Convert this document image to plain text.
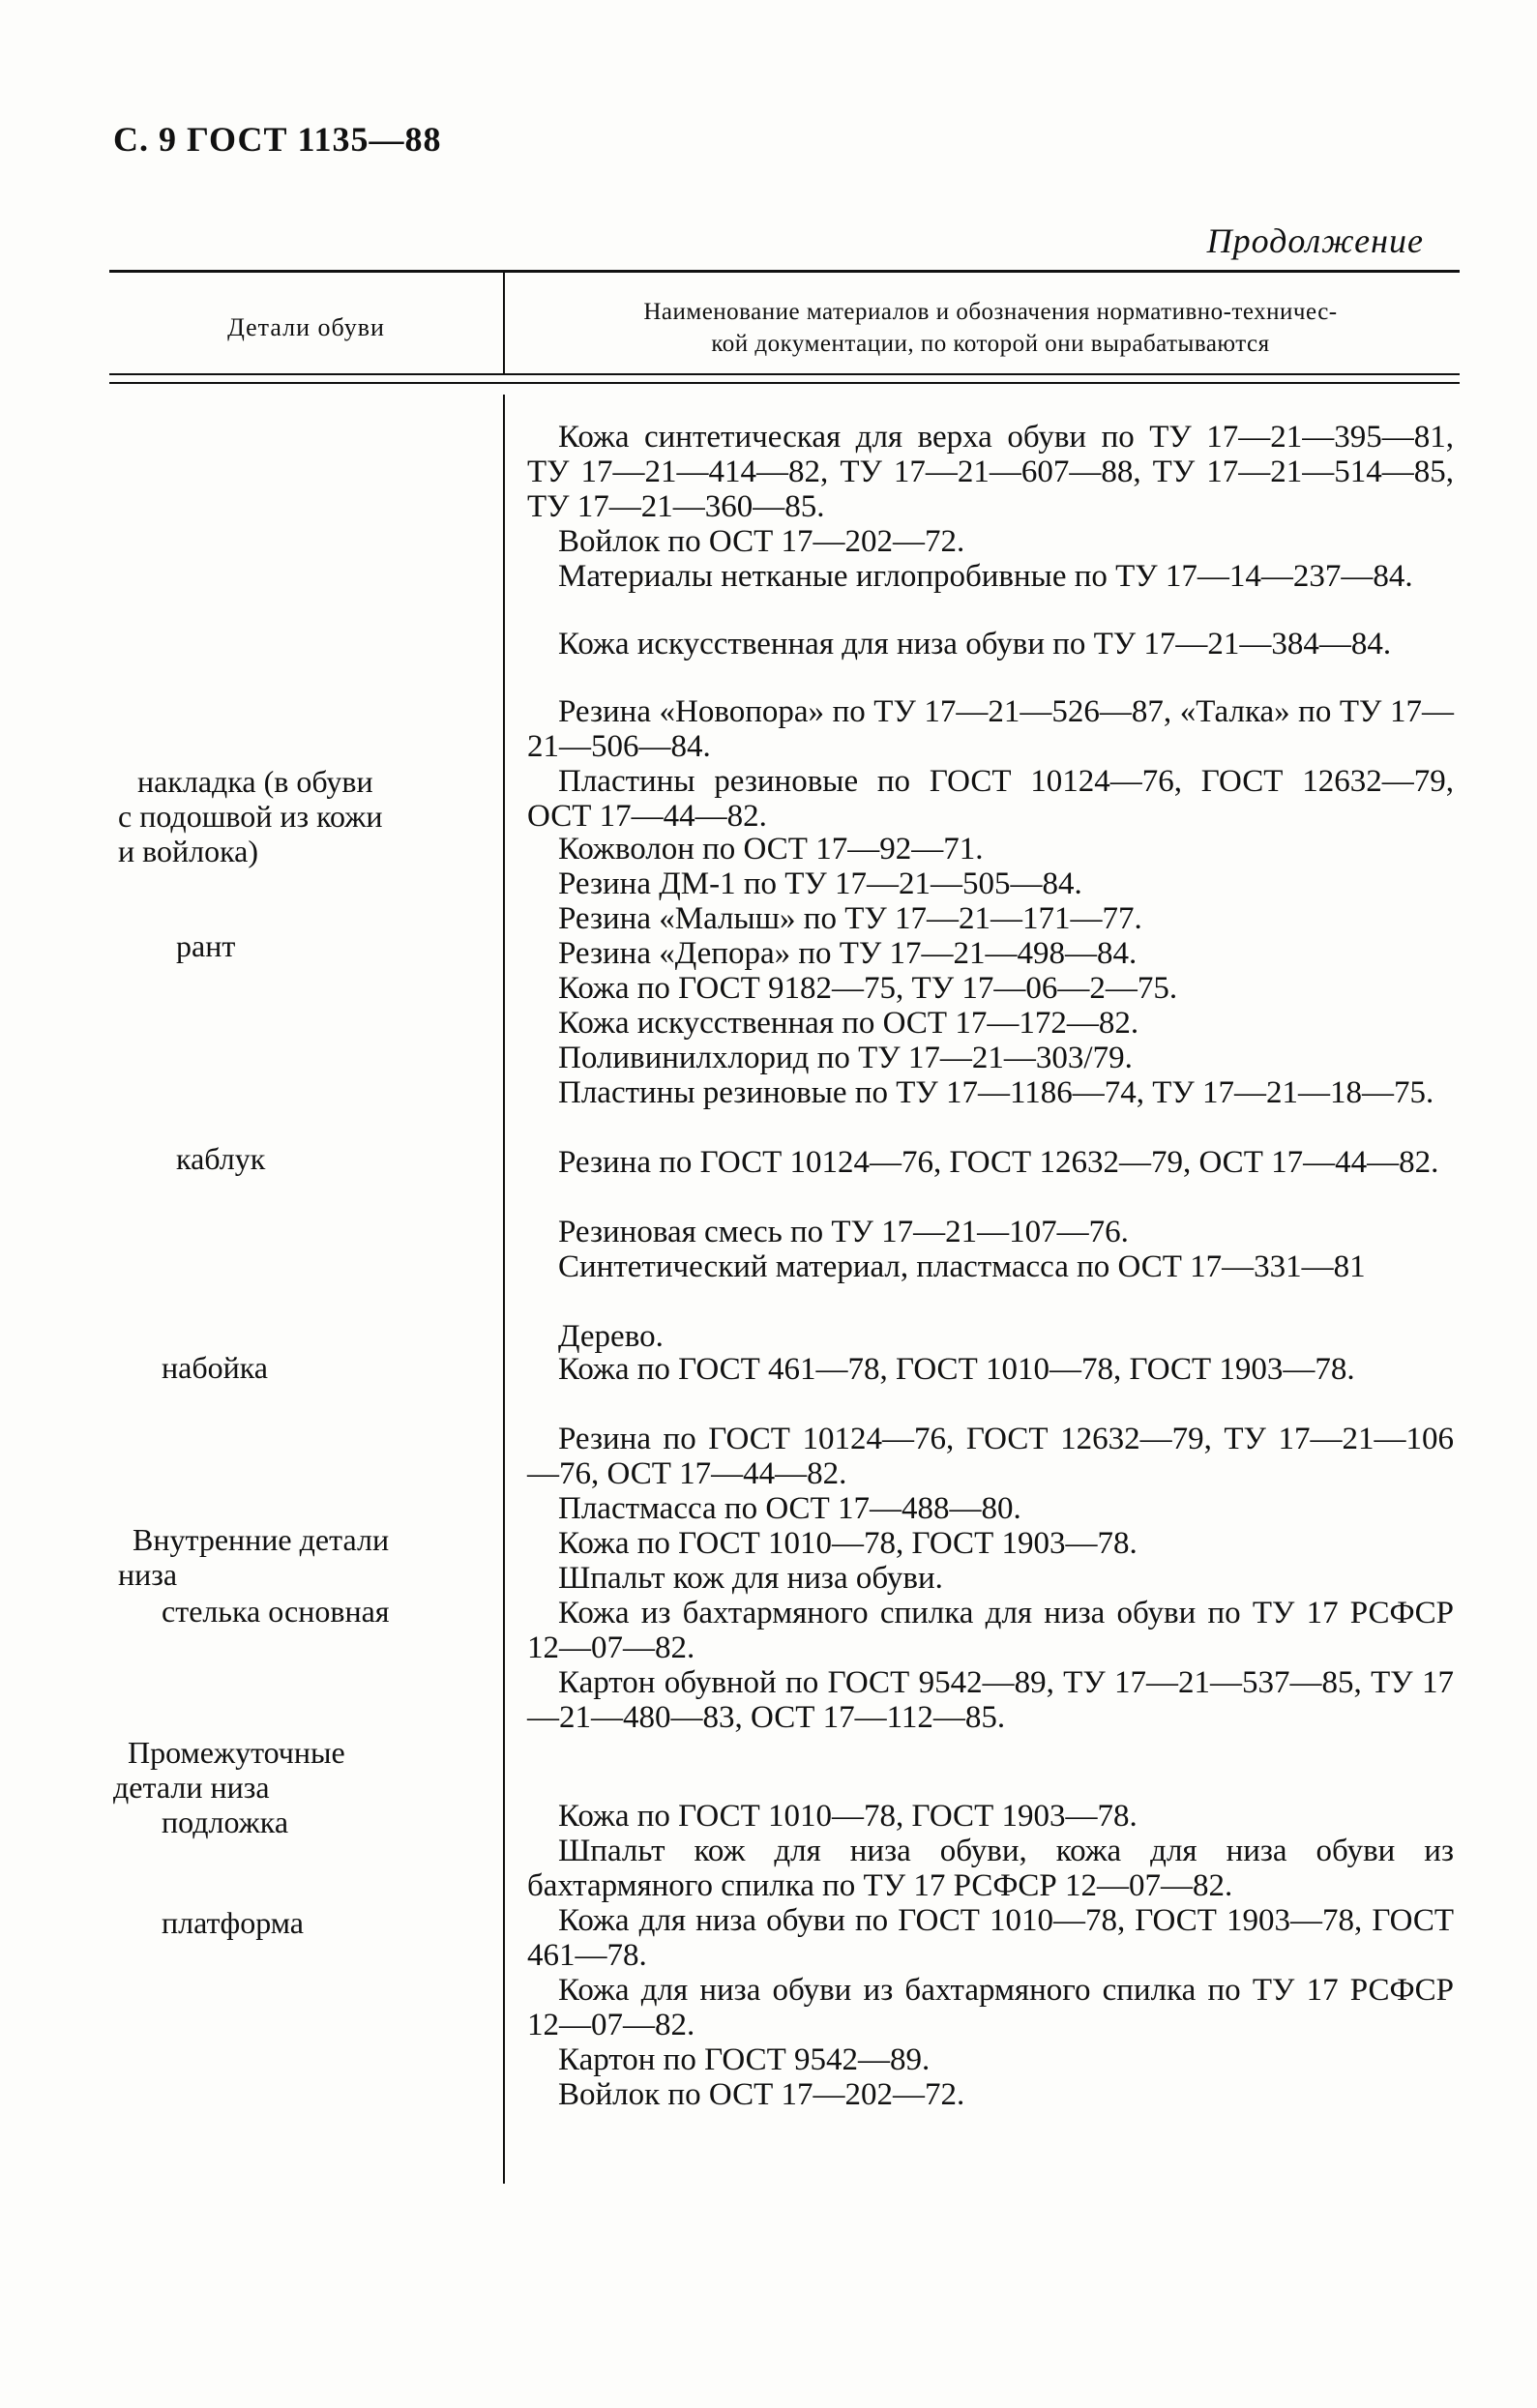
С. 9 ГОСТ 1135—88
Продолжение
Детали обуви
Наименование материалов и обозначения нормативно-техничес-
кой документации, по которой они вырабатываются
накладка (в обуви
с подошвой из кожи
и войлока)
рант
каблук
набойка
Внутренние детали
низа
стелька основная
Промежуточные
детали низа
подложка
платформа
Кожа синтетическая для верха обуви по ТУ 17—21—395—81, ТУ 17—21—414—82, ТУ 17—21—607—88, ТУ 17—21—514—85, ТУ 17—21—360—85.
Войлок по ОСТ 17—202—72.
Материалы нетканые иглопробивные по ТУ 17—14—237—84.
Кожа искусственная для низа обуви по ТУ 17—21—384—84.
Резина «Новопора» по ТУ 17—21—526—87, «Талка» по ТУ 17—21—506—84.
Пластины резиновые по ГОСТ 10124—76, ГОСТ 12632—79, ОСТ 17—44—82.
Кожволон по ОСТ 17—92—71.
Резина ДМ-1 по ТУ 17—21—505—84.
Резина «Малыш» по ТУ 17—21—171—77.
Резина «Депора» по ТУ 17—21—498—84.
Кожа по ГОСТ 9182—75, ТУ 17—06—2—75.
Кожа искусственная по ОСТ 17—172—82.
Поливинилхлорид по ТУ 17—21—303/79.
Пластины резиновые по ТУ 17—1186—74, ТУ 17—21—18—75.
Резина по ГОСТ 10124—76, ГОСТ 12632—79, ОСТ 17—44—82.
Резиновая смесь по ТУ 17—21—107—76.
Синтетический материал, пластмасса по ОСТ 17—331—81
Дерево.
Кожа по ГОСТ 461—78, ГОСТ 1010—78, ГОСТ 1903—78.
Резина по ГОСТ 10124—76, ГОСТ 12632—79, ТУ 17—21—106—76, ОСТ 17—44—82.
Пластмасса по ОСТ 17—488—80.
Кожа по ГОСТ 1010—78, ГОСТ 1903—78.
Шпальт кож для низа обуви.
Кожа из бахтармяного спилка для низа обуви по ТУ 17 РСФСР 12—07—82.
Картон обувной по ГОСТ 9542—89, ТУ 17—21—537—85, ТУ 17—21—480—83, ОСТ 17—112—85.
Кожа по ГОСТ 1010—78, ГОСТ 1903—78.
Шпальт кож для низа обуви, кожа для низа обуви из бахтармяного спилка по ТУ 17 РСФСР 12—07—82.
Кожа для низа обуви по ГОСТ 1010—78, ГОСТ 1903—78, ГОСТ 461—78.
Кожа для низа обуви из бахтармяного спилка по ТУ 17 РСФСР 12—07—82.
Картон по ГОСТ 9542—89.
Войлок по ОСТ 17—202—72.
